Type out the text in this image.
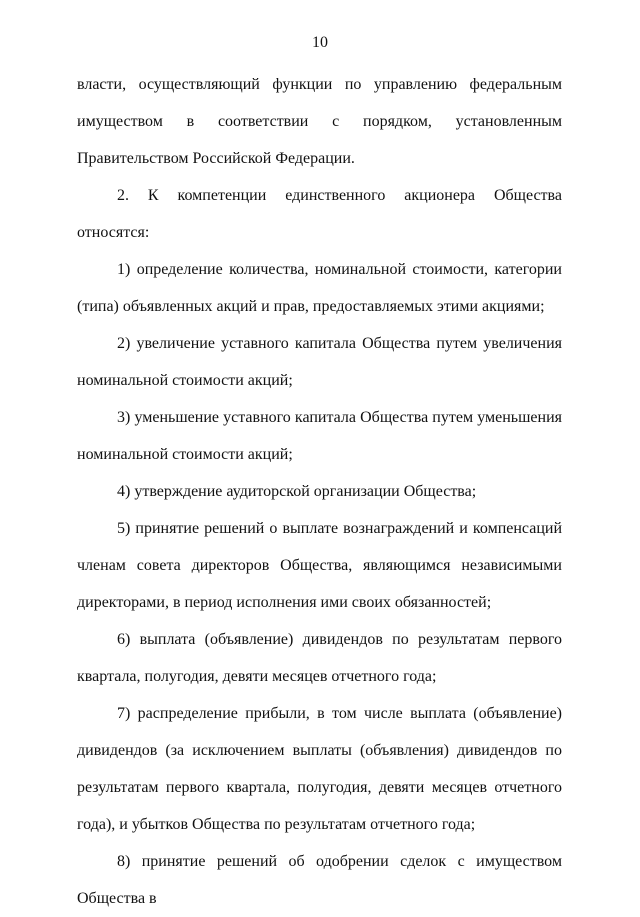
10

власти, осуществляющий функции по управлению федеральным имуществом в соответствии с порядком, установленным Правительством Российской Федерации.

2. К компетенции единственного акционера Общества относятся:

1) определение количества, номинальной стоимости, категории (типа) объявленных акций и прав, предоставляемых этими акциями;

2) увеличение уставного капитала Общества путем увеличения номинальной стоимости акций;

3) уменьшение уставного капитала Общества путем уменьшения номинальной стоимости акций;

4) утверждение аудиторской организации Общества;

5) принятие решений о выплате вознаграждений и компенсаций членам совета директоров Общества, являющимся независимыми директорами, в период исполнения ими своих обязанностей;

6) выплата (объявление) дивидендов по результатам первого квартала, полугодия, девяти месяцев отчетного года;

7) распределение прибыли, в том числе выплата (объявление) дивидендов (за исключением выплаты (объявления) дивидендов по результатам первого квартала, полугодия, девяти месяцев отчетного года), и убытков Общества по результатам отчетного года;

8) принятие решений об одобрении сделок с имуществом Общества в
